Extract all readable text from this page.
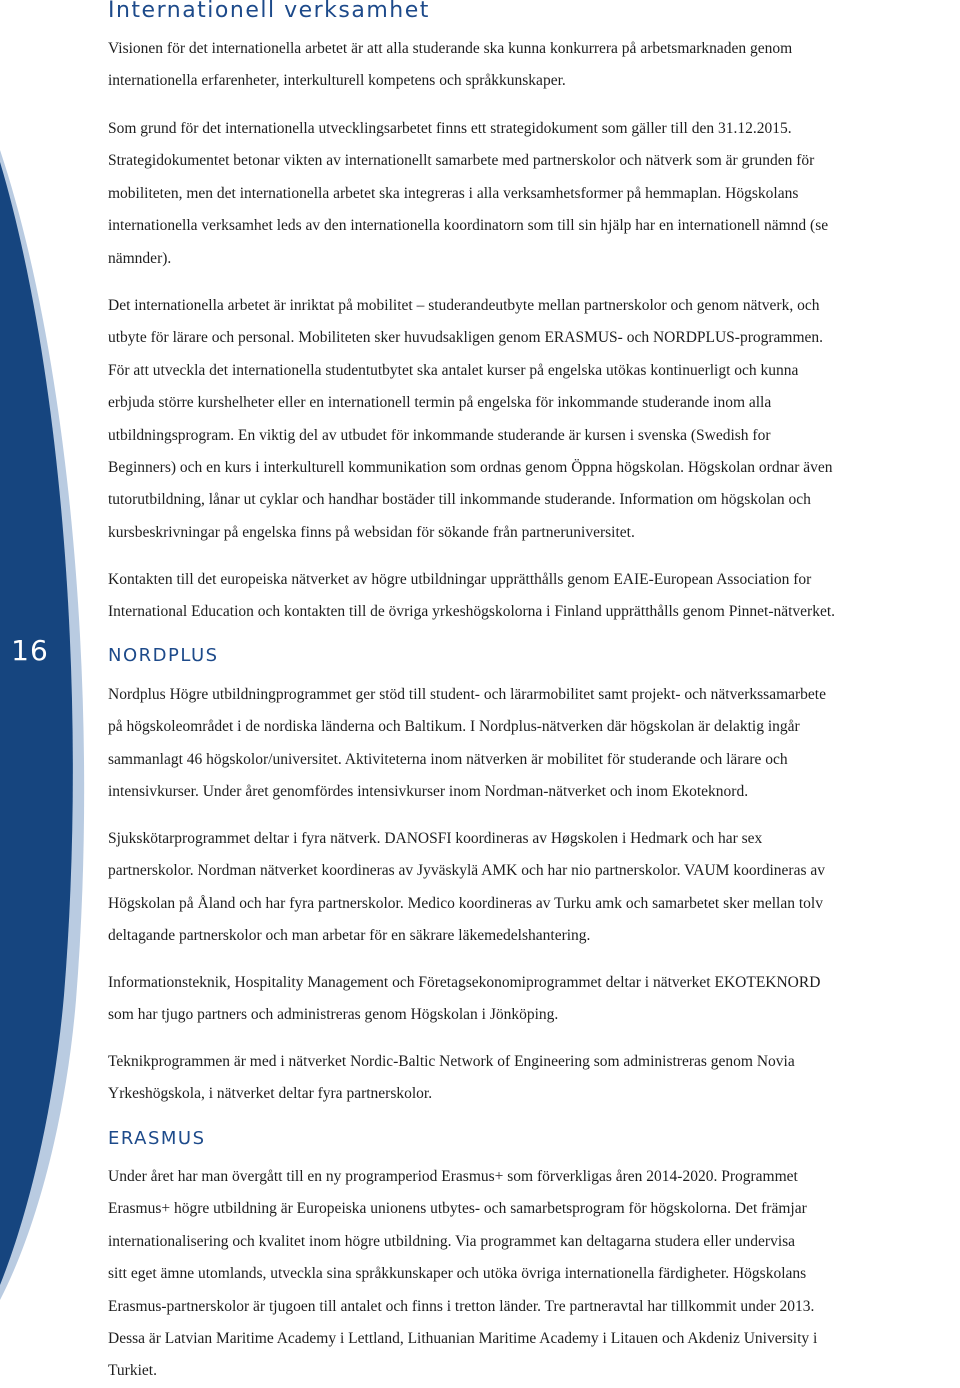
16
Internationell verksamhet

Visionen för det internationella arbetet är att alla studerande ska kunna konkurrera på arbetsmarknaden genom
internationella erfarenheter, interkulturell kompetens och språkkunskaper.

Som grund för det internationella utvecklingsarbetet finns ett strategidokument som gäller till den 31.12.2015.
Strategidokumentet betonar vikten av internationellt samarbete med partnerskolor och nätverk som är grunden för
mobiliteten, men det internationella arbetet ska integreras i alla verksamhetsformer på hemmaplan. Högskolans
internationella verksamhet leds av den internationella koordinatorn som till sin hjälp har en internationell nämnd (se
nämnder).

Det internationella arbetet är inriktat på mobilitet – studerandeutbyte mellan partnerskolor och genom nätverk, och
utbyte för lärare och personal. Mobiliteten sker huvudsakligen genom ERASMUS- och NORDPLUS-programmen.
För att utveckla det internationella studentutbytet ska antalet kurser på engelska utökas kontinuerligt och kunna
erbjuda större kurshelheter eller en internationell termin på engelska för inkommande studerande inom alla
utbildningsprogram. En viktig del av utbudet för inkommande studerande är kursen i svenska (Swedish for
Beginners) och en kurs i interkulturell kommunikation som ordnas genom Öppna högskolan. Högskolan ordnar även
tutorutbildning, lånar ut cyklar och handhar bostäder till inkommande studerande. Information om högskolan och
kursbeskrivningar på engelska finns på websidan för sökande från partneruniversitet.

Kontakten till det europeiska nätverket av högre utbildningar upprätthålls genom EAIE-European Association for
International Education och kontakten till de övriga yrkeshögskolorna i Finland upprätthålls genom Pinnet-nätverket.

NORDPLUS

Nordplus Högre utbildningprogrammet ger stöd till student- och lärarmobilitet samt projekt- och nätverkssamarbete
på högskoleområdet i de nordiska länderna och Baltikum. I Nordplus-nätverken där högskolan är delaktig ingår
sammanlagt 46 högskolor/universitet. Aktiviteterna inom nätverken är mobilitet för studerande och lärare och
intensivkurser. Under året genomfördes intensivkurser inom Nordman-nätverket och inom Ekoteknord.

Sjukskötarprogrammet deltar i fyra nätverk. DANOSFI koordineras av Høgskolen i Hedmark och har sex
partnerskolor. Nordman nätverket koordineras av Jyväskylä AMK och har nio partnerskolor. VAUM koordineras av
Högskolan på Åland och har fyra partnerskolor. Medico koordineras av Turku amk och samarbetet sker mellan tolv
deltagande partnerskolor och man arbetar för en säkrare läkemedelshantering.

Informationsteknik, Hospitality Management och Företagsekonomiprogrammet deltar i nätverket EKOTEKNORD
som har tjugo partners och administreras genom Högskolan i Jönköping.

Teknikprogrammen är med i nätverket Nordic-Baltic Network of Engineering som administreras genom Novia
Yrkeshögskola, i nätverket deltar fyra partnerskolor.

ERASMUS

Under året har man övergått till en ny programperiod Erasmus+ som förverkligas åren 2014-2020. Programmet
Erasmus+ högre utbildning är Europeiska unionens utbytes- och samarbetsprogram för högskolorna. Det främjar
internationalisering och kvalitet inom högre utbildning. Via programmet kan deltagarna studera eller undervisa
sitt eget ämne utomlands, utveckla sina språkkunskaper och utöka övriga internationella färdigheter. Högskolans
Erasmus-partnerskolor är tjugoen till antalet och finns i tretton länder. Tre partneravtal har tillkommit under 2013.
Dessa är Latvian Maritime Academy i Lettland, Lithuanian Maritime Academy i Litauen och Akdeniz University i
Turkiet.
